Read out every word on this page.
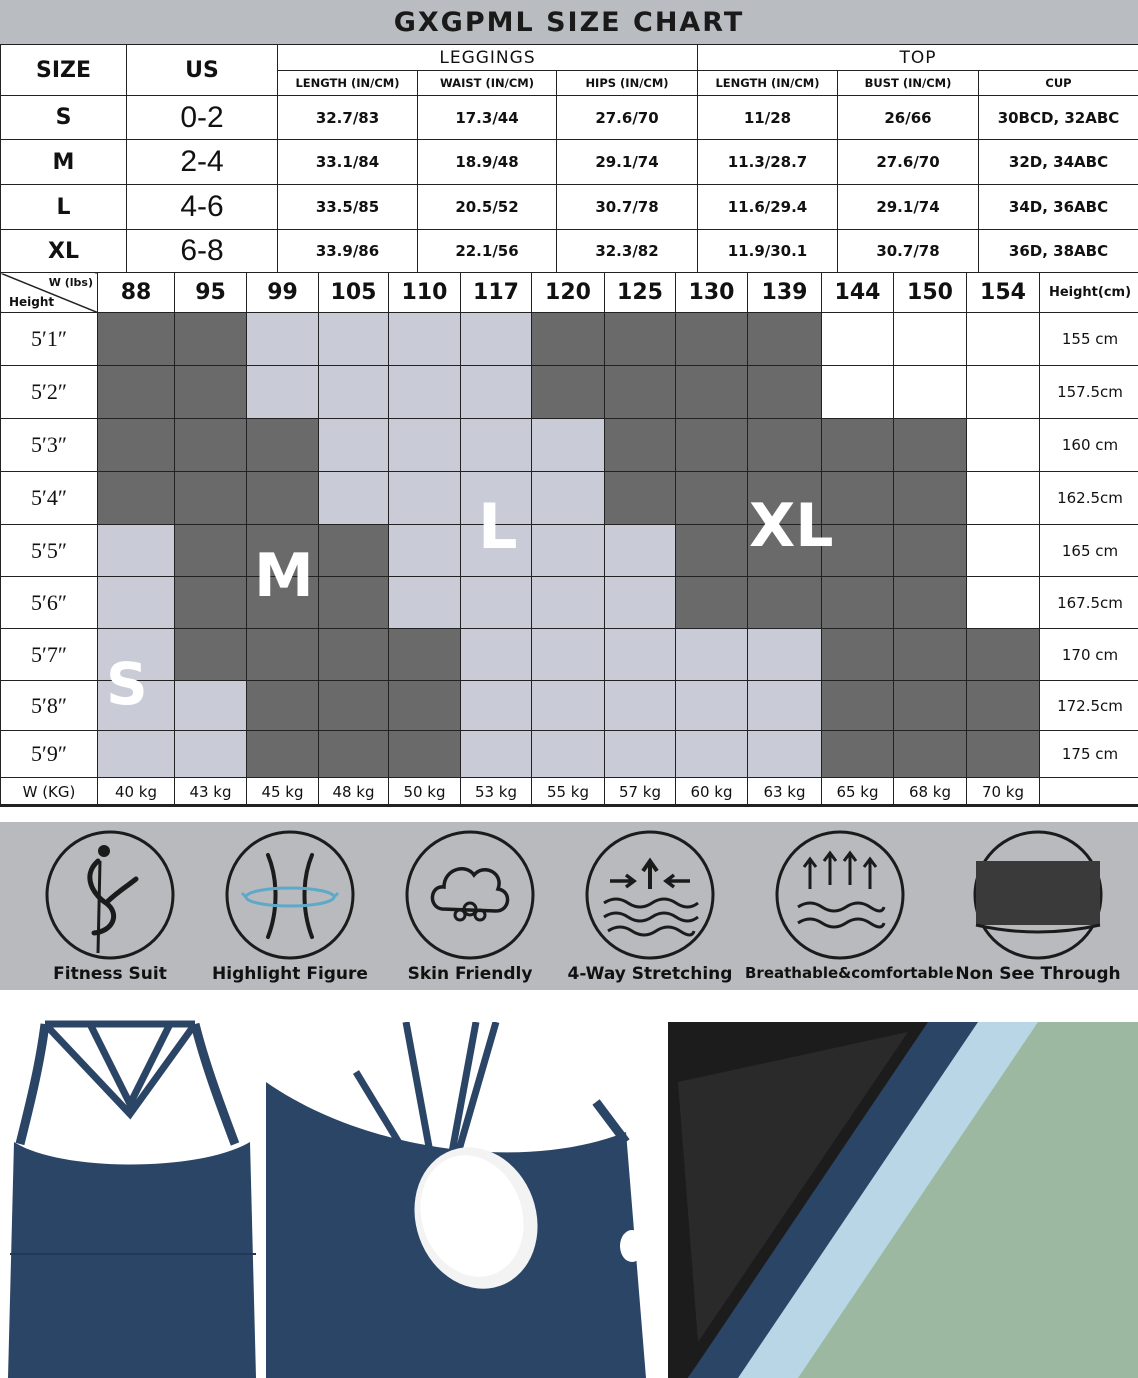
GXGPML SIZE CHART
SIZE	US	LEGGINGS			TOP		
		LENGTH (IN/CM)	WAIST (IN/CM)	HIPS (IN/CM)	LENGTH (IN/CM)	BUST (IN/CM)	CUP
S	0-2	32.7/83	17.3/44	27.6/70	11/28	26/66	30BCD, 32ABC
M	2-4	33.1/84	18.9/48	29.1/74	11.3/28.7	27.6/70	32D, 34ABC
L	4-6	33.5/85	20.5/52	30.7/78	11.6/29.4	29.1/74	34D, 36ABC
XL	6-8	33.9/86	22.1/56	32.3/82	11.9/30.1	30.7/78	36D, 38ABC
W (lbs)
Height	88	95	99	105	110	117	120	125	130	139	144	150	154	Height(cm)
5′1″														155 cm
5′2″														157.5cm
5′3″														160 cm
5′4″														162.5cm
5′5″														165 cm
5′6″														167.5cm
5′7″														170 cm
5′8″														172.5cm
5′9″														175 cm
W (KG)	40 kg	43 kg	45 kg	48 kg	50 kg	53 kg	55 kg	57 kg	60 kg	63 kg	65 kg	68 kg	70 kg	
S
M
L	XL
Fitness Suit	Highlight Figure	Skin Friendly	4-Way Stretching Breathable&comfortable Non See Through
